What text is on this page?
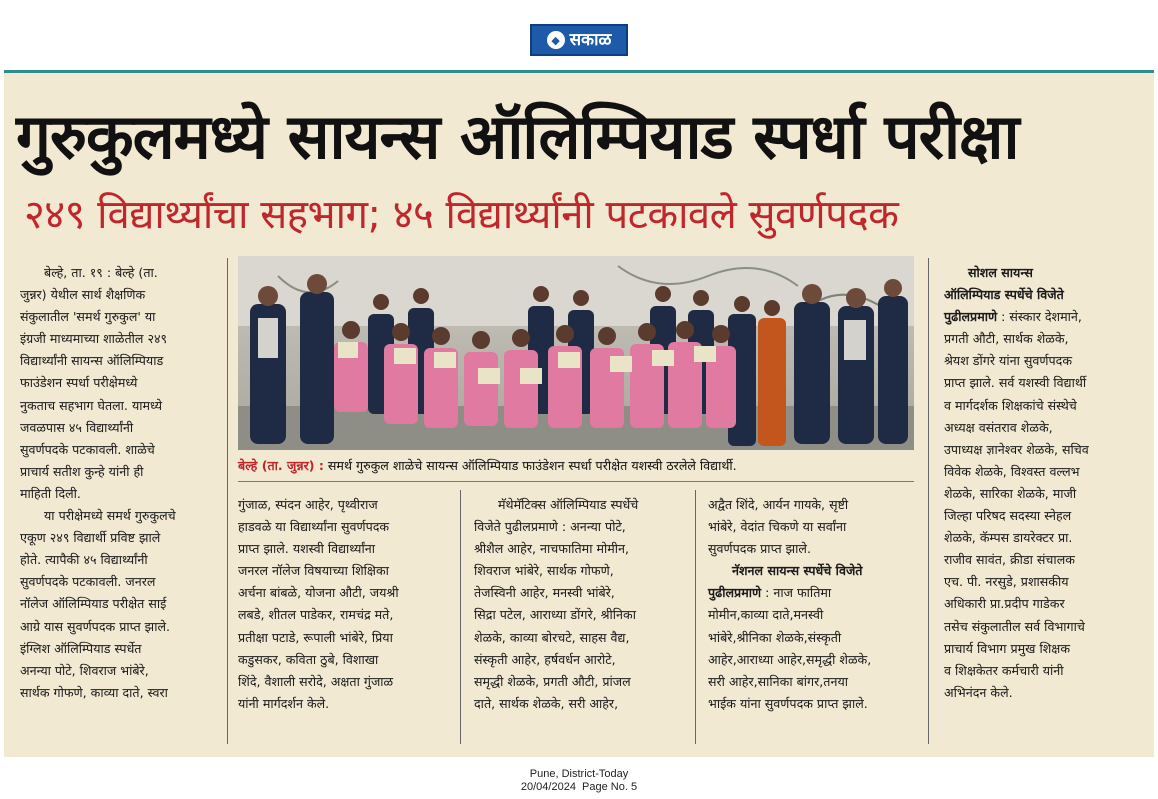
◆ सकाळ
गुरुकुलमध्ये सायन्स ऑलिम्पियाड स्पर्धा परीक्षा
२४९ विद्यार्थ्यांचा सहभाग; ४५ विद्यार्थ्यांनी पटकावले सुवर्णपदक

बेल्हे, ता. १९ : बेल्हे (ता.

जुन्नर) येथील सार्थ शैक्षणिक

संकुलातील 'समर्थ गुरुकुल' या

इंग्रजी माध्यमाच्या शाळेतील २४९

विद्यार्थ्यांनी सायन्स ऑलिम्पियाड

फाउंडेशन स्पर्धा परीक्षेमध्ये

नुकताच सहभाग घेतला. यामध्ये

जवळपास ४५ विद्यार्थ्यांनी

सुवर्णपदके पटकावली. शाळेचे

प्राचार्य सतीश कुन्हे यांनी ही

माहिती दिली.

या परीक्षेमध्ये समर्थ गुरुकुलचे

एकूण २४९ विद्यार्थी प्रविष्ट झाले

होते. त्यापैकी ४५ विद्यार्थ्यांनी

सुवर्णपदके पटकावली. जनरल

नॉलेज ऑलिम्पियाड परीक्षेत साई

आग्रे यास सुवर्णपदक प्राप्त झाले.

इंग्लिश ऑलिम्पियाड स्पर्धेत

अनन्या पोटे, शिवराज भांबेरे,

सार्थक गोफणे, काव्या दाते, स्वरा

बेल्हे (ता. जुन्नर) : समर्थ गुरुकुल शाळेचे सायन्स ऑलिम्पियाड फाउंडेशन स्पर्धा परीक्षेत यशस्वी ठरलेले विद्यार्थी.

गुंजाळ, स्पंदन आहेर, पृथ्वीराज

हाडवळे या विद्यार्थ्यांना सुवर्णपदक

प्राप्त झाले. यशस्वी विद्यार्थ्यांना

जनरल नॉलेज विषयाच्या शिक्षिका

अर्चना बांबळे, योजना औटी, जयश्री

लबडे, शीतल पाडेकर, रामचंद्र मते,

प्रतीक्षा पटाडे, रूपाली भांबेरे, प्रिया

कडुसकर, कविता ठुबे, विशाखा

शिंदे, वैशाली सरोदे, अक्षता गुंजाळ

यांनी मार्गदर्शन केले.

मॅथेमॅटिक्स ऑलिम्पियाड स्पर्धेचे

विजेते पुढीलप्रमाणे : अनन्या पोटे,

श्रीशैल आहेर, नाचफातिमा मोमीन,

शिवराज भांबेरे, सार्थक गोफणे,

तेजस्विनी आहेर, मनस्वी भांबेरे,

सिद्रा पटेल, आराध्या डोंगरे, श्रीनिका

शेळके, काव्या बोरचटे, साहस वैद्य,

संस्कृती आहेर, हर्षवर्धन आरोटे,

समृद्धी शेळके, प्रगती औटी, प्रांजल

दाते, सार्थक शेळके, सरी आहेर,

अद्वैत शिंदे, आर्यन गायके, सृष्टी

भांबेरे, वेदांत चिकणे या सर्वांना

सुवर्णपदक प्राप्त झाले.

नॅशनल सायन्स स्पर्धेचे विजेते

पुढीलप्रमाणे : नाज फातिमा

मोमीन,काव्या दाते,मनस्वी

भांबेरे,श्रीनिका शेळके,संस्कृती

आहेर,आराध्या आहेर,समृद्धी शेळके,

सरी आहेर,सानिका बांगर,तनया

भाईक यांना सुवर्णपदक प्राप्त झाले.

सोशल सायन्स

ऑलिम्पियाड स्पर्धेचे विजेते

पुढीलप्रमाणे : संस्कार देशमाने,

प्रगती औटी, सार्थक शेळके,

श्रेयश डोंगरे यांना सुवर्णपदक

प्राप्त झाले. सर्व यशस्वी विद्यार्थी

व मार्गदर्शक शिक्षकांचे संस्थेचे

अध्यक्ष वसंतराव शेळके,

उपाध्यक्ष ज्ञानेश्वर शेळके, सचिव

विवेक शेळके, विश्वस्त वल्लभ

शेळके, सारिका शेळके, माजी

जिल्हा परिषद सदस्या स्नेहल

शेळके, कॅम्पस डायरेक्टर प्रा.

राजीव सावंत, क्रीडा संचालक

एच. पी. नरसुडे, प्रशासकीय

अधिकारी प्रा.प्रदीप गाडेकर

तसेच संकुलातील सर्व विभागाचे

प्राचार्य विभाग प्रमुख शिक्षक

व शिक्षकेतर कर्मचारी यांनी

अभिनंदन केले.

Pune, District-Today
20/04/2024  Page No. 5
